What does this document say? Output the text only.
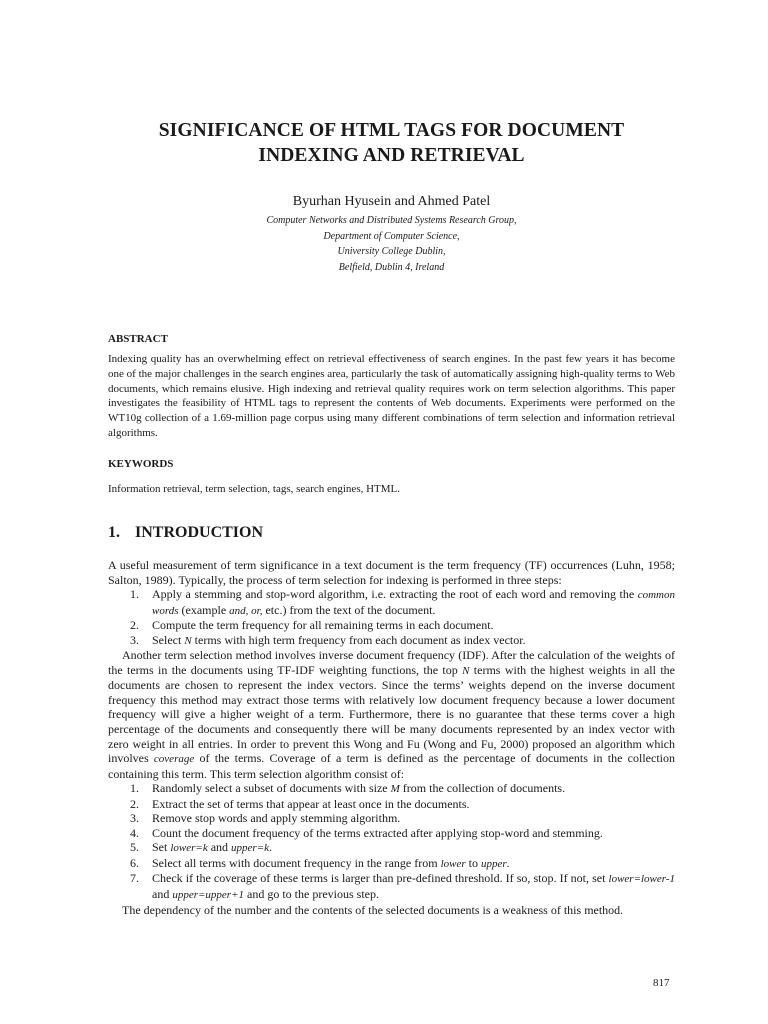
SIGNIFICANCE OF HTML TAGS FOR DOCUMENT
INDEXING AND RETRIEVAL
Byurhan Hyusein and Ahmed Patel
Computer Networks and Distributed Systems Research Group,
Department of Computer Science,
University College Dublin,
Belfield, Dublin 4, Ireland
ABSTRACT
Indexing quality has an overwhelming effect on retrieval effectiveness of search engines. In the past few years it has become one of the major challenges in the search engines area, particularly the task of automatically assigning high-quality terms to Web documents, which remains elusive. High indexing and retrieval quality requires work on term selection algorithms. This paper investigates the feasibility of HTML tags to represent the contents of Web documents. Experiments were performed on the WT10g collection of a 1.69-million page corpus using many different combinations of term selection and information retrieval algorithms.
KEYWORDS
Information retrieval, term selection, tags, search engines, HTML.
1. INTRODUCTION

A useful measurement of term significance in a text document is the term frequency (TF) occurrences (Luhn, 1958; Salton, 1989). Typically, the process of term selection for indexing is performed in three steps:

1. Apply a stemming and stop-word algorithm, i.e. extracting the root of each word and removing the common words (example and, or, etc.) from the text of the document.
2. Compute the term frequency for all remaining terms in each document.
3. Select N terms with high term frequency from each document as index vector.

Another term selection method involves inverse document frequency (IDF). After the calculation of the weights of the terms in the documents using TF-IDF weighting functions, the top N terms with the highest weights in all the documents are chosen to represent the index vectors. Since the terms’ weights depend on the inverse document frequency this method may extract those terms with relatively low document frequency because a lower document frequency will give a higher weight of a term. Furthermore, there is no guarantee that these terms cover a high percentage of the documents and consequently there will be many documents represented by an index vector with zero weight in all entries. In order to prevent this Wong and Fu (Wong and Fu, 2000) proposed an algorithm which involves coverage of the terms. Coverage of a term is defined as the percentage of documents in the collection containing this term. This term selection algorithm consist of:

1. Randomly select a subset of documents with size M from the collection of documents.
2. Extract the set of terms that appear at least once in the documents.
3. Remove stop words and apply stemming algorithm.
4. Count the document frequency of the terms extracted after applying stop-word and stemming.
5. Set lower=k and upper=k.
6. Select all terms with document frequency in the range from lower to upper.
7. Check if the coverage of these terms is larger than pre-defined threshold. If so, stop. If not, set lower=lower-1 and upper=upper+1 and go to the previous step.

The dependency of the number and the contents of the selected documents is a weakness of this method.

817
